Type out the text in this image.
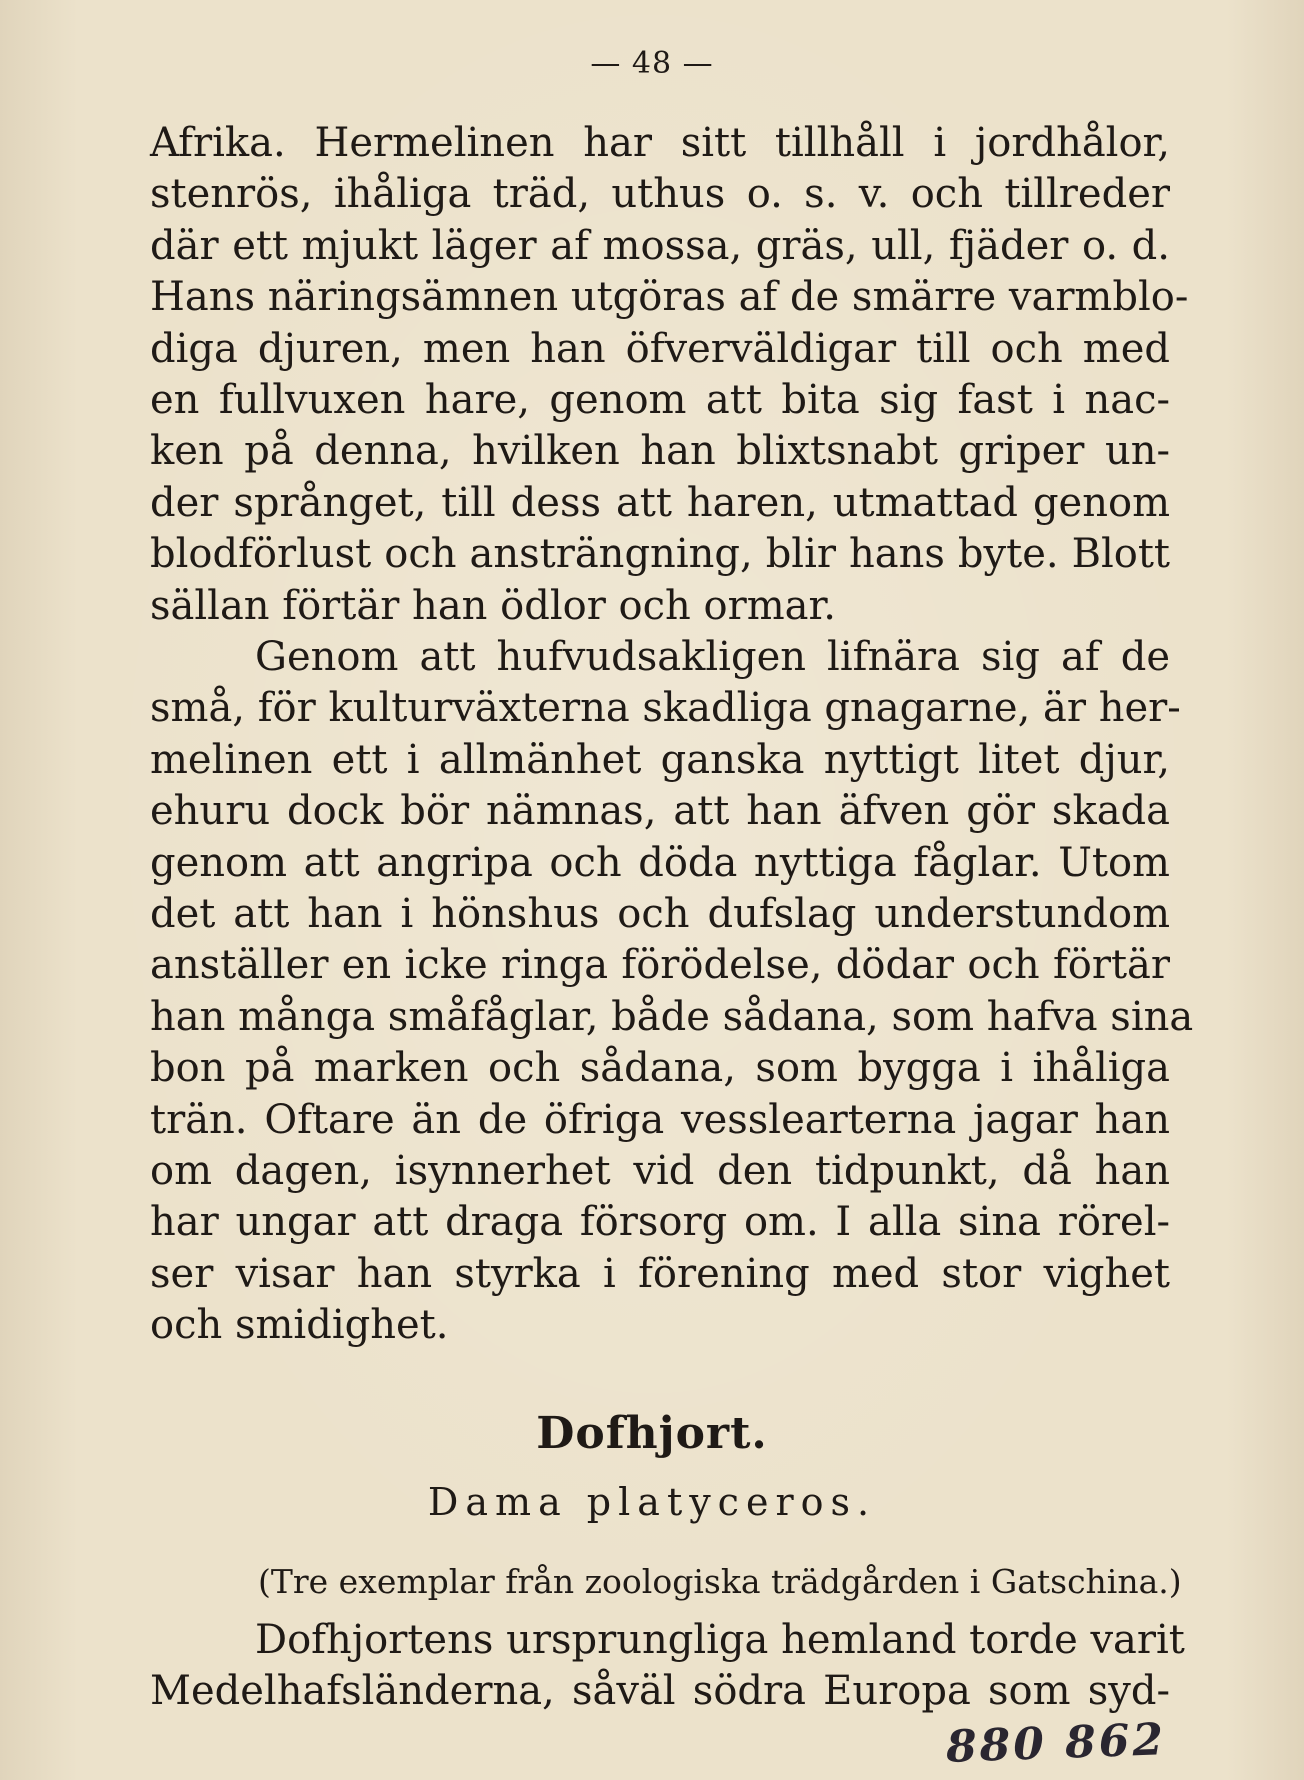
— 48 —
Afrika. Hermelinen har sitt tillhåll i jordhålor,
stenrös, ihåliga träd, uthus o. s. v. och tillreder
där ett mjukt läger af mossa, gräs, ull, fjäder o. d.
Hans näringsämnen utgöras af de smärre varmblo-
diga djuren, men han öfverväldigar till och med
en fullvuxen hare, genom att bita sig fast i nac-
ken på denna, hvilken han blixtsnabt griper un-
der språnget, till dess att haren, utmattad genom
blodförlust och ansträngning, blir hans byte. Blott
sällan förtär han ödlor och ormar.
Genom att hufvudsakligen lifnära sig af de
små, för kulturväxterna skadliga gnagarne, är her-
melinen ett i allmänhet ganska nyttigt litet djur,
ehuru dock bör nämnas, att han äfven gör skada
genom att angripa och döda nyttiga fåglar. Utom
det att han i hönshus och dufslag understundom
anställer en icke ringa förödelse, dödar och förtär
han många småfåglar, både sådana, som hafva sina
bon på marken och sådana, som bygga i ihåliga
trän. Oftare än de öfriga vesslearterna jagar han
om dagen, isynnerhet vid den tidpunkt, då han
har ungar att draga försorg om. I alla sina rörel-
ser visar han styrka i förening med stor vighet
och smidighet.
Dofhjort.
Dama platyceros.
(Tre exemplar från zoologiska trädgården i Gatschina.)
Dofhjortens ursprungliga hemland torde varit
Medelhafsländerna, såväl södra Europa som syd-
880 862
